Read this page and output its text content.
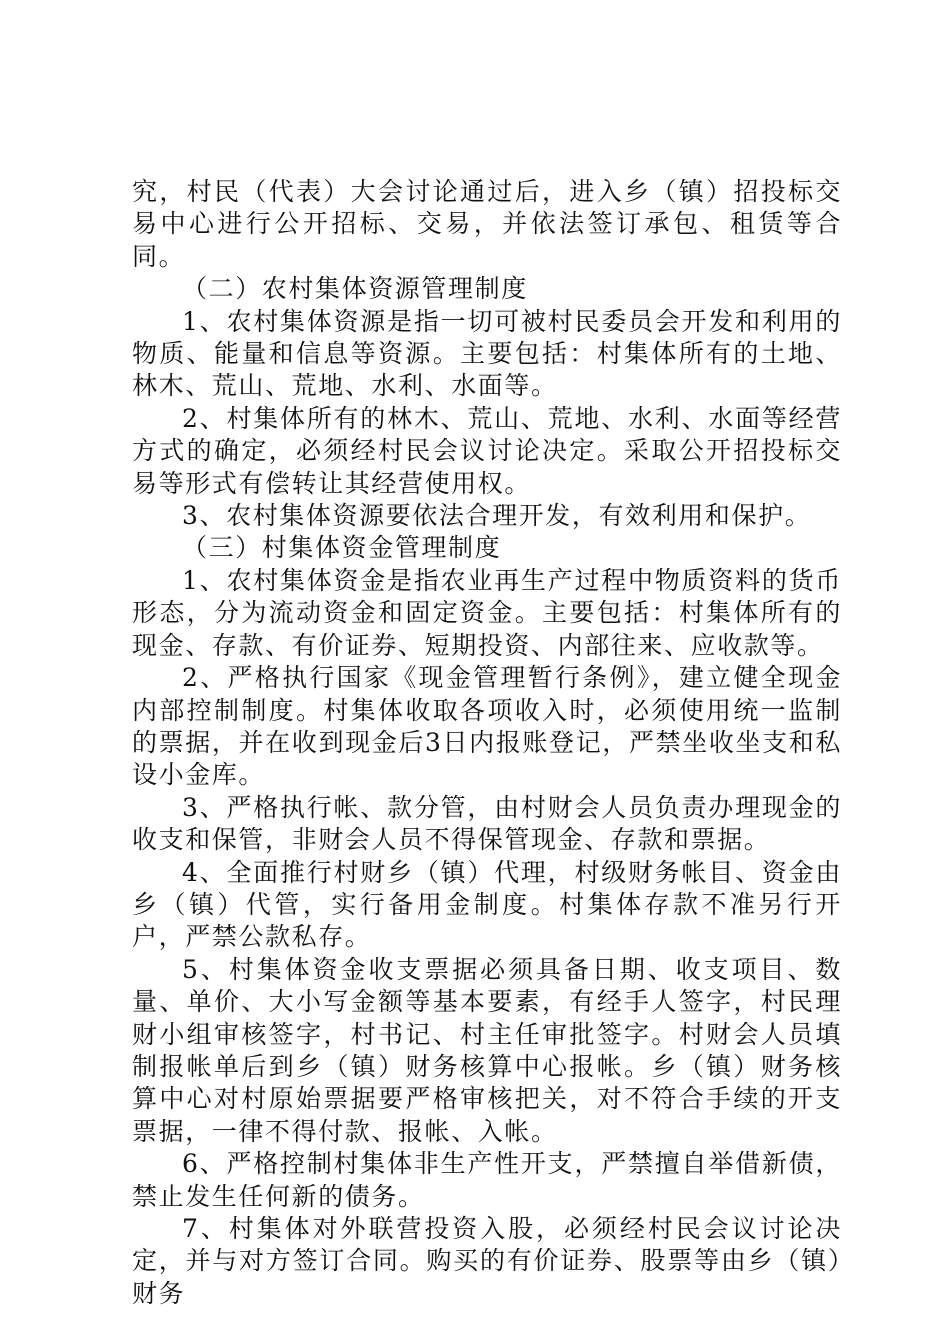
究，村民（代表）大会讨论通过后，进入乡（镇）招投标交易中心进行公开招标、交易，并依法签订承包、租赁等合同。

（二）农村集体资源管理制度

1、农村集体资源是指一切可被村民委员会开发和利用的物质、能量和信息等资源。主要包括：村集体所有的土地、林木、荒山、荒地、水利、水面等。

2、村集体所有的林木、荒山、荒地、水利、水面等经营方式的确定，必须经村民会议讨论决定。采取公开招投标交易等形式有偿转让其经营使用权。

3、农村集体资源要依法合理开发，有效利用和保护。

（三）村集体资金管理制度

1、农村集体资金是指农业再生产过程中物质资料的货币形态，分为流动资金和固定资金。主要包括：村集体所有的现金、存款、有价证券、短期投资、内部往来、应收款等。

2、严格执行国家《现金管理暂行条例》，建立健全现金内部控制制度。村集体收取各项收入时，必须使用统一监制的票据，并在收到现金后3日内报账登记，严禁坐收坐支和私设小金库。

3、严格执行帐、款分管，由村财会人员负责办理现金的收支和保管，非财会人员不得保管现金、存款和票据。

4、全面推行村财乡（镇）代理，村级财务帐目、资金由乡（镇）代管，实行备用金制度。村集体存款不准另行开户，严禁公款私存。

5、村集体资金收支票据必须具备日期、收支项目、数量、单价、大小写金额等基本要素，有经手人签字，村民理财小组审核签字，村书记、村主任审批签字。村财会人员填制报帐单后到乡（镇）财务核算中心报帐。乡（镇）财务核算中心对村原始票据要严格审核把关，对不符合手续的开支票据，一律不得付款、报帐、入帐。

6、严格控制村集体非生产性开支，严禁擅自举借新债，禁止发生任何新的债务。

7、村集体对外联营投资入股，必须经村民会议讨论决定，并与对方签订合同。购买的有价证券、股票等由乡（镇）财务
